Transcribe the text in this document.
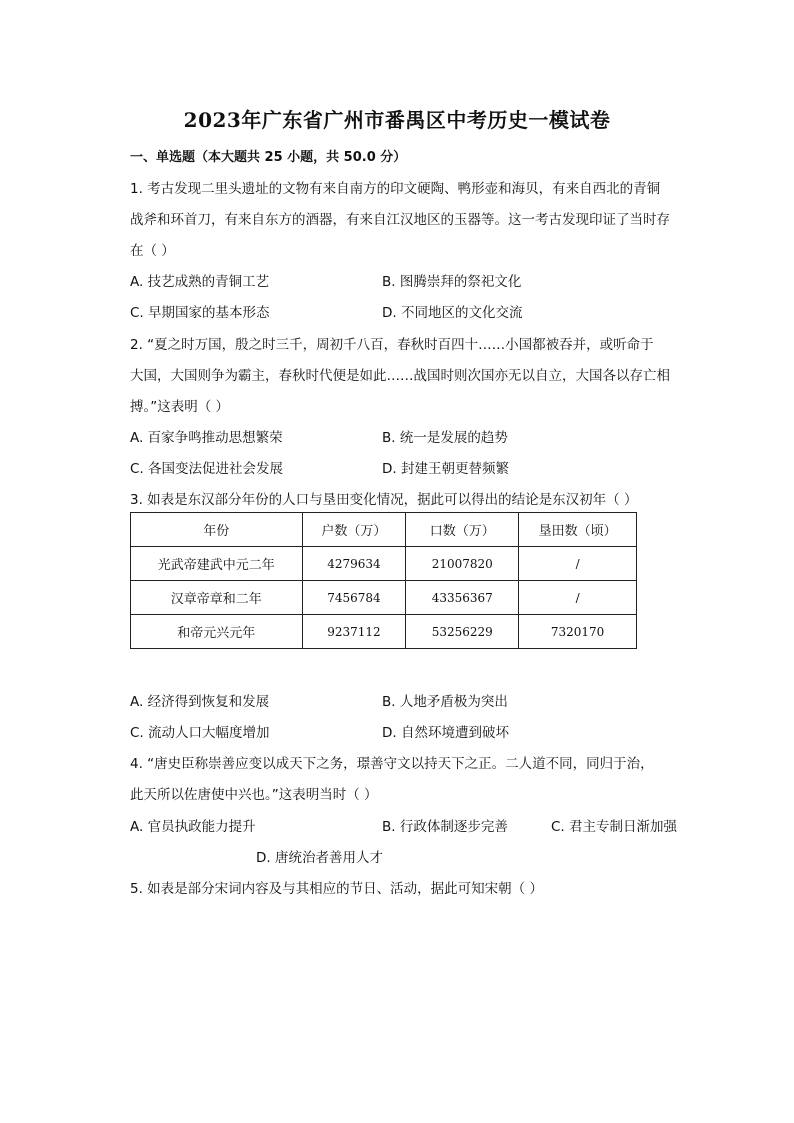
2023年广东省广州市番禺区中考历史一模试卷
一、单选题（本大题共 25 小题，共 50.0 分）
1. 考古发现二里头遗址的文物有来自南方的印文硬陶、鸭形壶和海贝，有来自西北的青铜
战斧和环首刀，有来自东方的酒器，有来自江汉地区的玉器等。这一考古发现印证了当时存
在（ ）
A. 技艺成熟的青铜工艺	B. 图腾崇拜的祭祀文化
C. 早期国家的基本形态	D. 不同地区的文化交流
2. “夏之时万国，殷之时三千，周初千八百，春秋时百四十……小国都被吞并，或听命于
大国，大国则争为霸主，春秋时代便是如此……战国时则次国亦无以自立，大国各以存亡相
搏。”这表明（ ）
A. 百家争鸣推动思想繁荣	B. 统一是发展的趋势
C. 各国变法促进社会发展	D. 封建王朝更替频繁
3. 如表是东汉部分年份的人口与垦田变化情况，据此可以得出的结论是东汉初年（ ）
年份	户数（万）	口数（万）	垦田数（顷）
光武帝建武中元二年	4279634	21007820	/
汉章帝章和二年	7456784	43356367	/
和帝元兴元年	9237112	53256229	7320170
A. 经济得到恢复和发展	B. 人地矛盾极为突出
C. 流动人口大幅度增加	D. 自然环境遭到破坏
4. “唐史臣称崇善应变以成天下之务，璟善守文以持天下之正。二人道不同，同归于治，
此天所以佐唐使中兴也。”这表明当时（ ）
A. 官员执政能力提升	B. 行政体制逐步完善	C. 君主专制日渐加强
D. 唐统治者善用人才
5. 如表是部分宋词内容及与其相应的节日、活动，据此可知宋朝（ ）
